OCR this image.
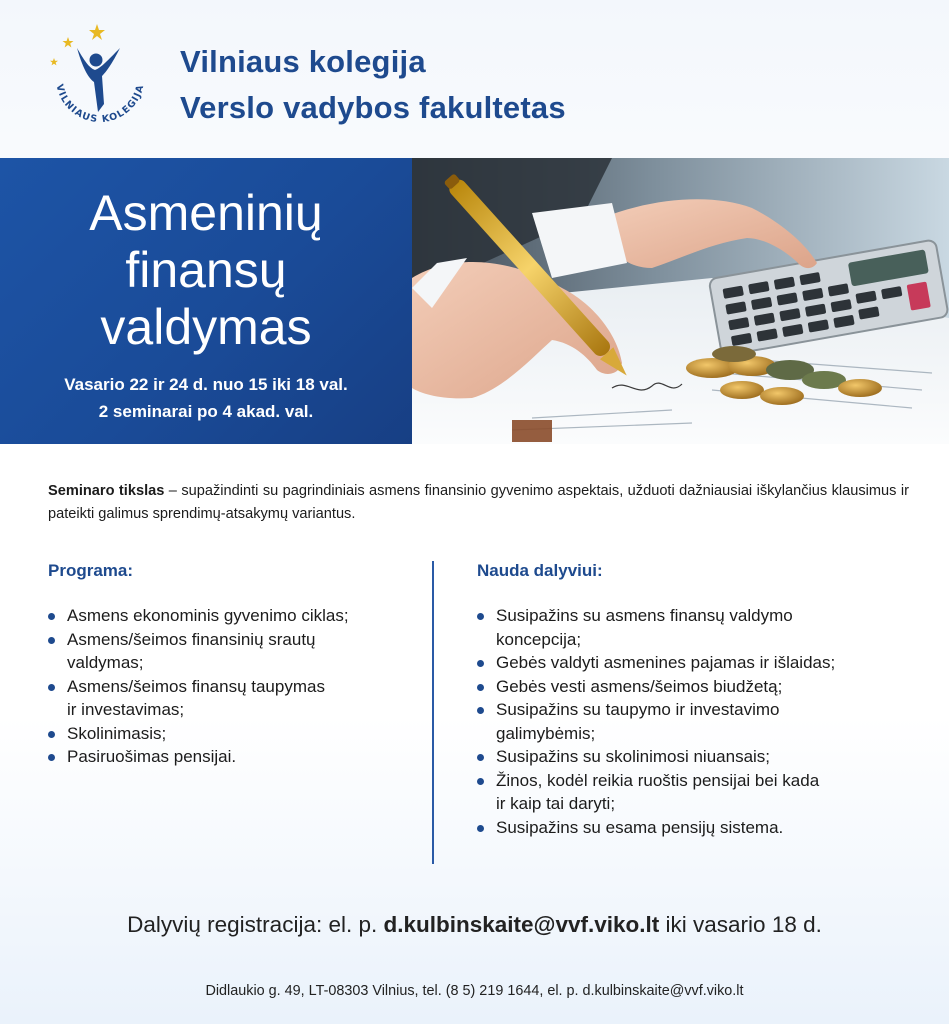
VILNIAUS KOLEGIJA
Vilniaus kolegija
Verslo vadybos fakultetas
Asmeninių
finansų
valdymas
Vasario 22 ir 24 d. nuo 15 iki 18 val.
2 seminarai po 4 akad. val.

Seminaro tikslas – supažindinti su pagrindiniais asmens finansinio gyvenimo aspektais, užduoti dažniausiai iškylančius klausimus ir pateikti galimus sprendimų-atsakymų variantus.

Programa:	Nauda dalyviui:
Asmens ekonominis gyvenimo ciklas;
Asmens/šeimos finansinių srautų
valdymas;
Asmens/šeimos finansų taupymas
ir investavimas;
Skolinimasis;
Pasiruošimas pensijai.
Susipažins su asmens finansų valdymo
koncepcija;
Gebės valdyti asmenines pajamas ir išlaidas;
Gebės vesti asmens/šeimos biudžetą;
Susipažins su taupymo ir investavimo
galimybėmis;
Susipažins su skolinimosi niuansais;
Žinos, kodėl reikia ruoštis pensijai bei kada
ir kaip tai daryti;
Susipažins su esama pensijų sistema.
Dalyvių registracija: el. p. d.kulbinskaite@vvf.viko.lt iki vasario 18 d.
Didlaukio g. 49, LT-08303 Vilnius, tel. (8 5) 219 1644, el. p. d.kulbinskaite@vvf.viko.lt
